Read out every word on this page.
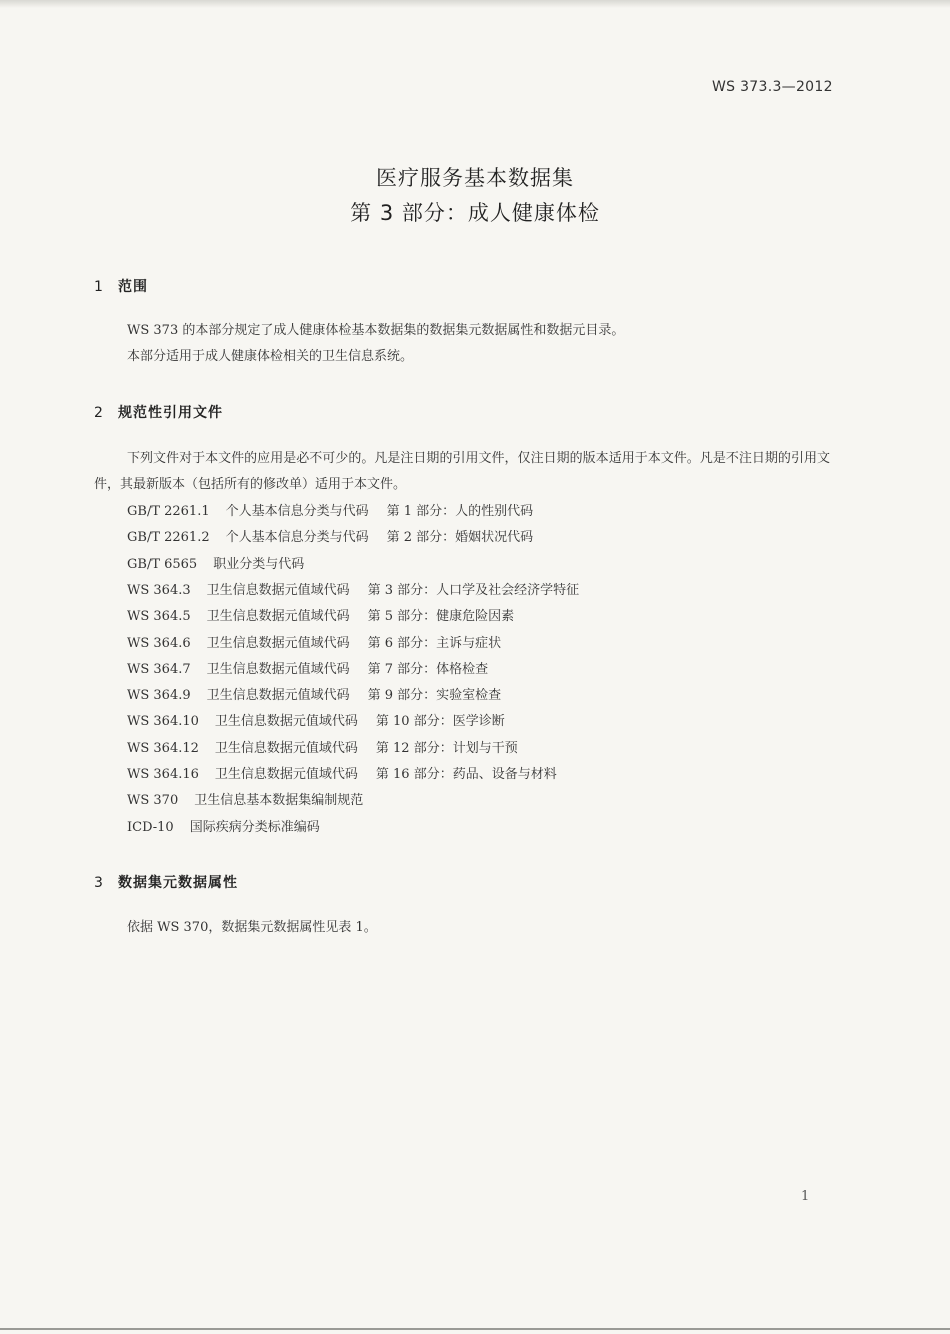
WS 373.3—2012
医疗服务基本数据集
第 3 部分：成人健康体检
1 范围
WS 373 的本部分规定了成人健康体检基本数据集的数据集元数据属性和数据元目录。
本部分适用于成人健康体检相关的卫生信息系统。
2 规范性引用文件
下列文件对于本文件的应用是必不可少的。凡是注日期的引用文件，仅注日期的版本适用于本文件。凡是不注日期的引用文件，其最新版本（包括所有的修改单）适用于本文件。
GB/T 2261.1 个人基本信息分类与代码 第 1 部分：人的性别代码
GB/T 2261.2 个人基本信息分类与代码 第 2 部分：婚姻状况代码
GB/T 6565 职业分类与代码
WS 364.3 卫生信息数据元值域代码 第 3 部分：人口学及社会经济学特征
WS 364.5 卫生信息数据元值域代码 第 5 部分：健康危险因素
WS 364.6 卫生信息数据元值域代码 第 6 部分：主诉与症状
WS 364.7 卫生信息数据元值域代码 第 7 部分：体格检查
WS 364.9 卫生信息数据元值域代码 第 9 部分：实验室检查
WS 364.10 卫生信息数据元值域代码 第 10 部分：医学诊断
WS 364.12 卫生信息数据元值域代码 第 12 部分：计划与干预
WS 364.16 卫生信息数据元值域代码 第 16 部分：药品、设备与材料
WS 370 卫生信息基本数据集编制规范
ICD-10 国际疾病分类标准编码
3 数据集元数据属性
依据 WS 370，数据集元数据属性见表 1。
1
